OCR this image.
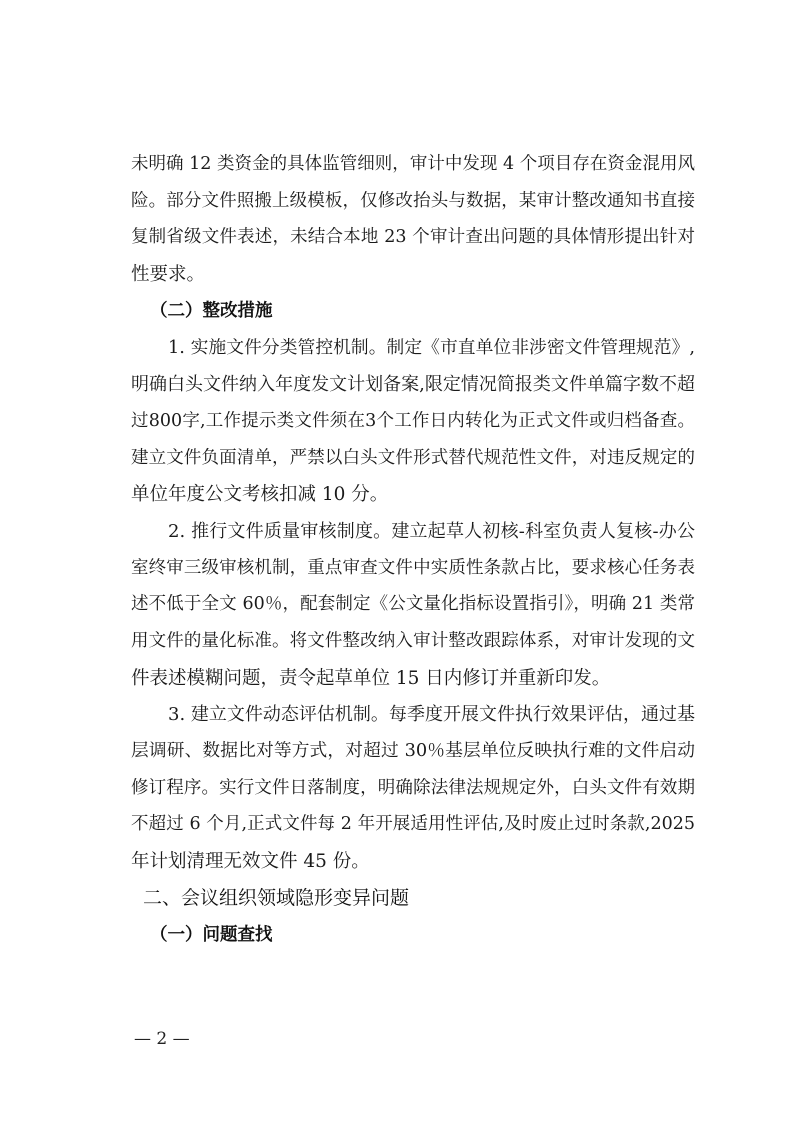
未明确 12 类资金的具体监管细则，审计中发现 4 个项目存在资金混用风
险。部分文件照搬上级模板，仅修改抬头与数据，某审计整改通知书直接
复制省级文件表述，未结合本地 23 个审计查出问题的具体情形提出针对
性要求。
（二）整改措施
1. 实施文件分类管控机制。制定《市直单位非涉密文件管理规范》,
明确白头文件纳入年度发文计划备案,限定情况简报类文件单篇字数不超
过800字,工作提示类文件须在3个工作日内转化为正式文件或归档备查。
建立文件负面清单，严禁以白头文件形式替代规范性文件，对违反规定的
单位年度公文考核扣减 10 分。
2. 推行文件质量审核制度。建立起草人初核-科室负责人复核-办公
室终审三级审核机制，重点审查文件中实质性条款占比，要求核心任务表
述不低于全文 60％，配套制定《公文量化指标设置指引》，明确 21 类常
用文件的量化标准。将文件整改纳入审计整改跟踪体系，对审计发现的文
件表述模糊问题，责令起草单位 15 日内修订并重新印发。
3. 建立文件动态评估机制。每季度开展文件执行效果评估，通过基
层调研、数据比对等方式，对超过 30％基层单位反映执行难的文件启动
修订程序。实行文件日落制度，明确除法律法规规定外，白头文件有效期
不超过 6 个月,正式文件每 2 年开展适用性评估,及时废止过时条款,2025
年计划清理无效文件 45 份。
二、会议组织领域隐形变异问题
（一）问题查找
— 2 —
